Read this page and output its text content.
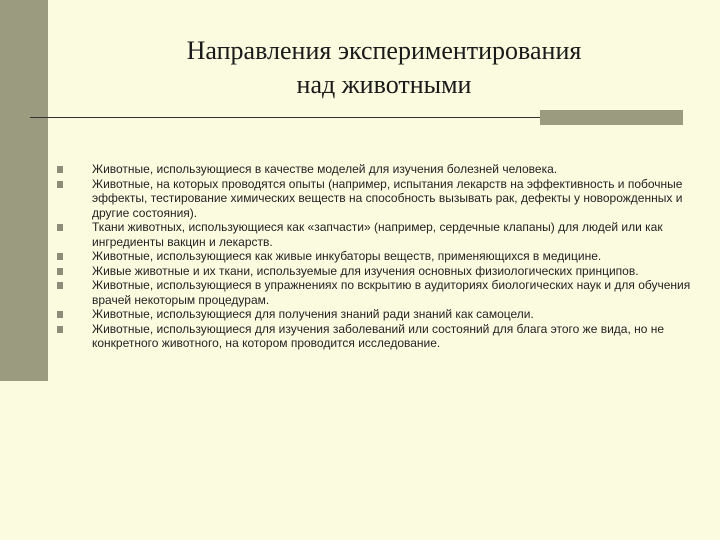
Направления экспериментирования
над животными
Животные, использующиеся в качестве моделей для изучения болезней человека.
Животные, на которых проводятся опыты (например, испытания лекарств на эффективность и побочные эффекты, тестирование химических веществ на способность вызывать рак, дефекты у новорожденных и другие состояния).
Ткани животных, использующиеся как «запчасти» (например, сердечные клапаны) для людей или как ингредиенты вакцин и лекарств.
Животные, использующиеся как живые инкубаторы веществ, применяющихся в медицине.
Живые животные и их ткани, используемые для изучения основных физиологических принципов.
Животные, использующиеся в упражнениях по вскрытию в аудиториях биологических наук и для обучения врачей некоторым процедурам.
Животные, использующиеся для получения знаний ради знаний как самоцели.
Животные, использующиеся для изучения заболеваний или состояний для блага этого же вида, но не конкретного животного, на котором проводится исследование.
